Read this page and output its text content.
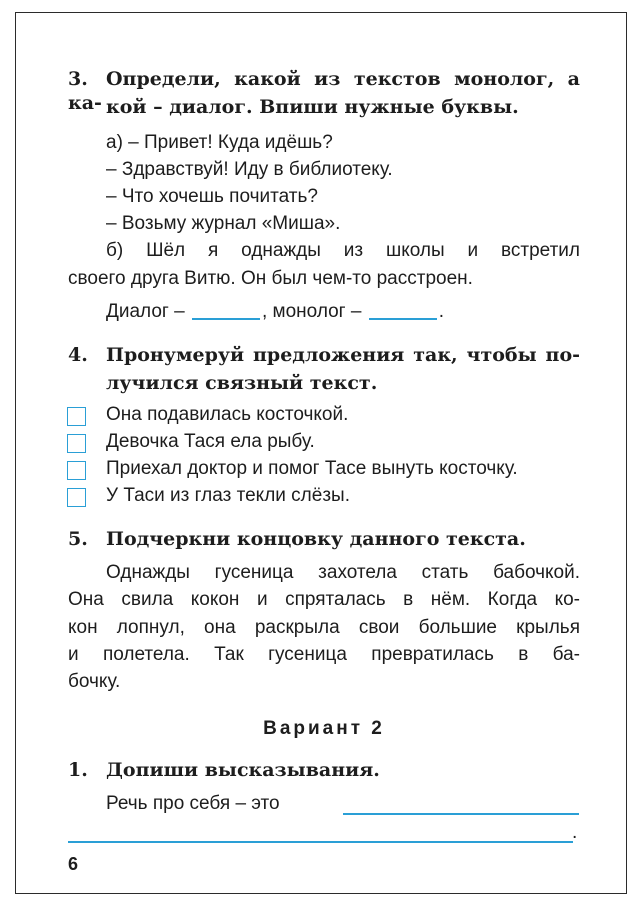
3. Определи, какой из текстов монолог, а ка- кой – диалог. Впиши нужные буквы.
а) – Привет! Куда идёшь?
– Здравствуй! Иду в библиотеку.
– Что хочешь почитать?
– Возьму журнал «Миша».
б) Шёл я однажды из школы и встретил
своего друга Витю. Он был чем-то расстроен.
Диалог –	, монолог –	.
4. Пронумеруй предложения так, чтобы по-
лучился связный текст.
Она подавилась косточкой.
Девочка Тася ела рыбу.
Приехал доктор и помог Тасе вынуть косточку.
У Таси из глаз текли слёзы.
5. Подчеркни концовку данного текста.
Однажды гусеница захотела стать бабочкой.
Она свила кокон и спряталась в нём. Когда ко-
кон лопнул, она раскрыла свои большие крылья
и полетела. Так гусеница превратилась в ба-
бочку.
Вариант 2
1. Допиши высказывания.
Речь про себя – это
.
6
